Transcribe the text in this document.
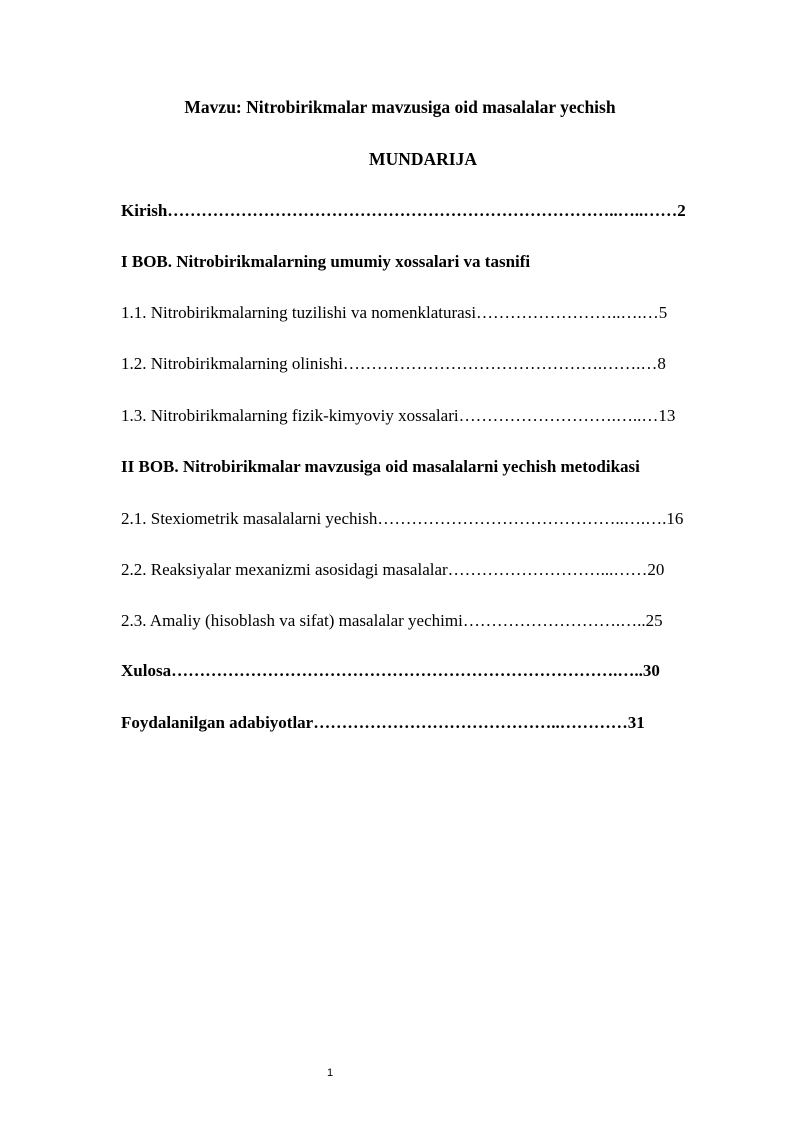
Mavzu: Nitrobirikmalar mavzusiga oid masalalar yechish
MUNDARIJA
Kirish……………………………………………………………………..…..……2
I BOB. Nitrobirikmalarning umumiy xossalari va tasnifi
1.1. Nitrobirikmalarning tuzilishi va nomenklaturasi……………………..….…5
1.2. Nitrobirikmalarning olinishi……………………………………….…….…8
1.3. Nitrobirikmalarning fizik-kimyoviy xossalari……………………….…..…13
II BOB. Nitrobirikmalar mavzusiga oid masalalarni yechish metodikasi
2.1. Stexiometrik masalalarni yechish……………………………………..….….16
2.2. Reaksiyalar mexanizmi asosidagi masalalar………………………...……20
2.3. Amaliy (hisoblash va sifat) masalalar yechimi……………………….…..25
Xulosa…………………………………………………………………….…..30
Foydalanilgan adabiyotlar……………………………………..…………31
1
